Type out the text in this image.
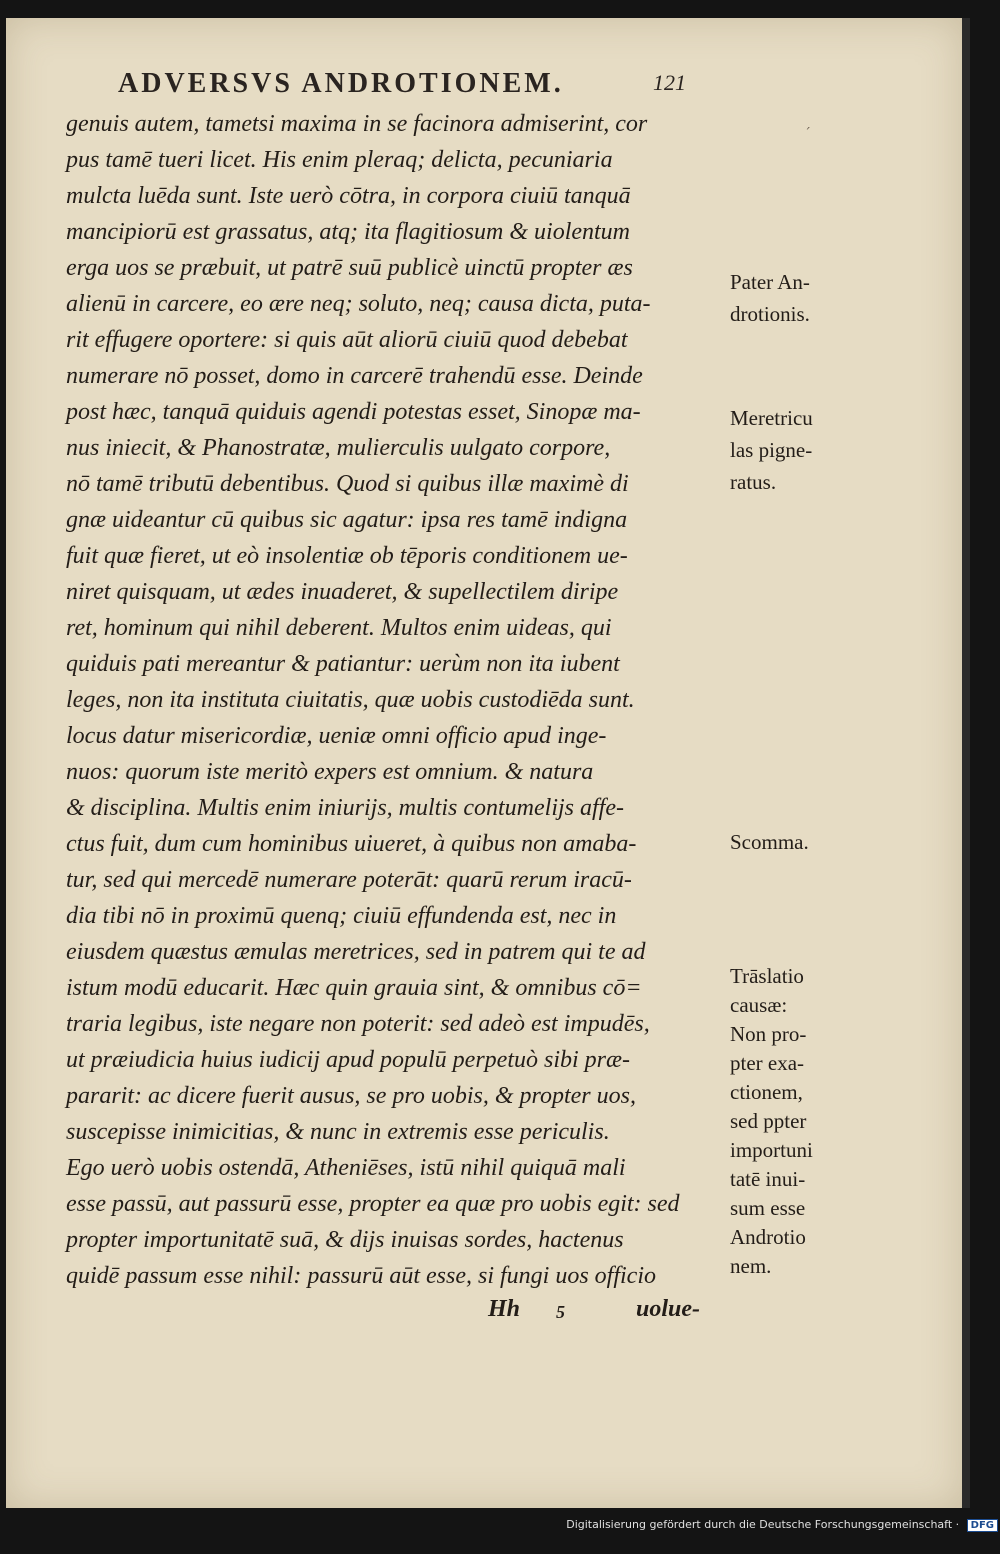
ADVERSVS ANDROTIONEM.	121
´
genuis autem, tametsi maxima in se facinora admiserint, cor
pus tamē tueri licet. His enim pleraq; delicta, pecuniaria
mulcta luēda sunt. Iste uerò cōtra, in corpora ciuiū tanquā
mancipiorū est grassatus, atq; ita flagitiosum & uiolentum
erga uos se præbuit, ut patrē suū publicè uinctū propter æs
alienū in carcere, eo ære neq; soluto, neq; causa dicta, puta-
rit effugere oportere: si quis aūt aliorū ciuiū quod debebat
numerare nō posset, domo in carcerē trahendū esse. Deinde
post hæc, tanquā quiduis agendi potestas esset, Sinopæ ma-
nus iniecit, & Phanostratæ, mulierculis uulgato corpore,
nō tamē tributū debentibus. Quod si quibus illæ maximè di
gnæ uideantur cū quibus sic agatur: ipsa res tamē indigna
fuit quæ fieret, ut eò insolentiæ ob tēporis conditionem ue-
niret quisquam, ut ædes inuaderet, & supellectilem diripe
ret, hominum qui nihil deberent. Multos enim uideas, qui
quiduis pati mereantur & patiantur: uerùm non ita iubent
leges, non ita instituta ciuitatis, quæ uobis custodiēda sunt.
locus datur misericordiæ, ueniæ omni officio apud inge-
nuos: quorum iste meritò expers est omnium. & natura
& disciplina. Multis enim iniurijs, multis contumelijs affe-
ctus fuit, dum cum hominibus uiueret, à quibus non amaba-
tur, sed qui mercedē numerare poterāt: quarū rerum iracū-
dia tibi nō in proximū quenq; ciuiū effundenda est, nec in
eiusdem quæstus æmulas meretrices, sed in patrem qui te ad
istum modū educarit. Hæc quin grauia sint, & omnibus cō=
traria legibus, iste negare non poterit: sed adeò est impudēs,
ut præiudicia huius iudicij apud populū perpetuò sibi præ-
pararit: ac dicere fuerit ausus, se pro uobis, & propter uos,
suscepisse inimicitias, & nunc in extremis esse periculis.
Ego uerò uobis ostendā, Atheniēses, istū nihil quiquā mali
esse passū, aut passurū esse, propter ea quæ pro uobis egit: sed
propter importunitatē suā, & dijs inuisas sordes, hactenus
quidē passum esse nihil: passurū aūt esse, si fungi uos officio
Pater An-
drotionis.
Meretricu
las pigne-
ratus.
Scomma.
Trāslatio
causæ:
Non pro-
pter exa-
ctionem,
sed ppter
importuni
tatē inui-
sum esse
Androtio
nem.
Hh 5	uolue-
Digitalisierung gefördert durch die Deutsche Forschungsgemeinschaft · DFG
